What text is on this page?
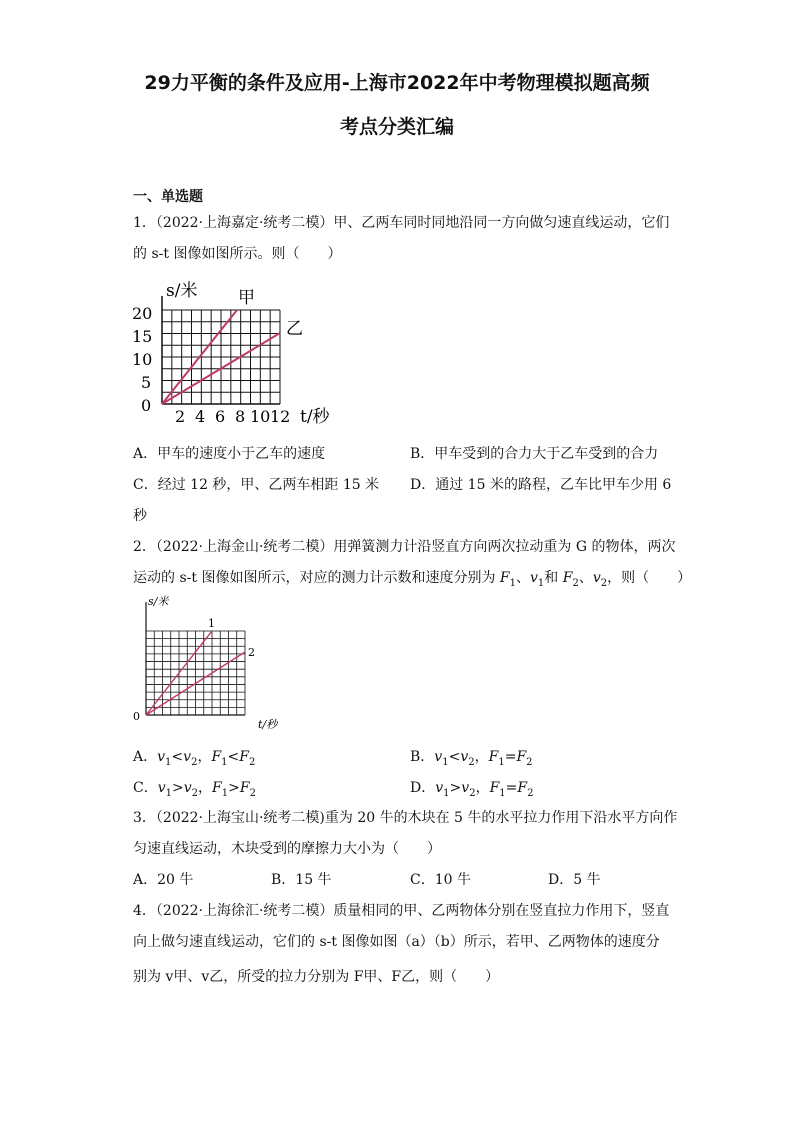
29力平衡的条件及应用-上海市2022年中考物理模拟题高频
考点分类汇编
一、单选题
1．（2022·上海嘉定·统考二模）甲、乙两车同时同地沿同一方向做匀速直线运动，它们
的 s-t 图像如图所示。则（　　）
s/米
t/秒
甲
乙
20
15
10
5
0
2 4 6 8 10 12
A．甲车的速度小于乙车的速度	B．甲车受到的合力大于乙车受到的合力
C．经过 12 秒，甲、乙两车相距 15 米 D．通过 15 米的路程，乙车比甲车少用 6
秒
2．（2022·上海金山·统考二模）用弹簧测力计沿竖直方向两次拉动重为 G 的物体，两次
运动的 s-t 图像如图所示，对应的测力计示数和速度分别为 $F_1$、$v_1$和 $F_2$、$v_2$，则（　　）
s/米
t/秒
0
1
2
A．$v_1<v_2$，$F_1<F_2$	B．$v_1<v_2$，$F_1=F_2$
C．$v_1>v_2$，$F_1>F_2$	D．$v_1>v_2$，$F_1=F_2$
3．（2022·上海宝山·统考二模)重为 20 牛的木块在 5 牛的水平拉力作用下沿水平方向作
匀速直线运动，木块受到的摩擦力大小为（　　）
A．20 牛	B．15 牛	C．10 牛	D．5 牛
4．（2022·上海徐汇·统考二模）质量相同的甲、乙两物体分别在竖直拉力作用下，竖直
向上做匀速直线运动，它们的 s-t 图像如图（a）（b）所示，若甲、乙两物体的速度分
别为 v甲、v乙，所受的拉力分别为 F甲、F乙，则（　　）
